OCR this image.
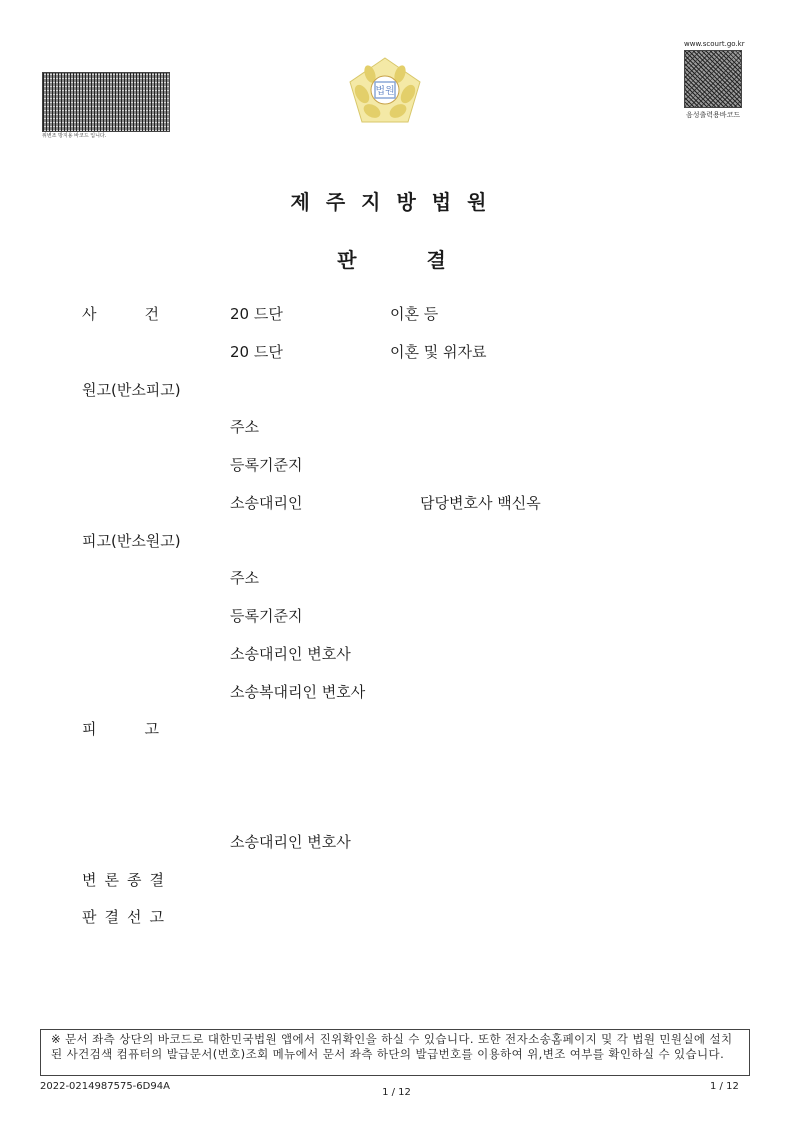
위변조 방지용 바코드 입니다.
www.scourt.go.kr
음성출력용바코드
법원
제주지방법원
판결
사건 20 드단	이혼 등
20 드단	이혼 및 위자료
원고(반소피고)
주소
등록기준지
소송대리인	담당변호사 백신옥
피고(반소원고)
주소
등록기준지
소송대리인 변호사
소송복대리인 변호사
피고
소송대리인 변호사
변론종결
판결선고
※ 문서 좌측 상단의 바코드로 대한민국법원 앱에서 진위확인을 하실 수 있습니다. 또한 전자소송홈페이지 및 각 법원 민원실에 설치된 사건검색 컴퓨터의 발급문서(번호)조회 메뉴에서 문서 좌측 하단의 발급번호를 이용하여 위,변조 여부를 확인하실 수 있습니다.
2022-0214987575-6D94A
1 / 12
1 / 12
